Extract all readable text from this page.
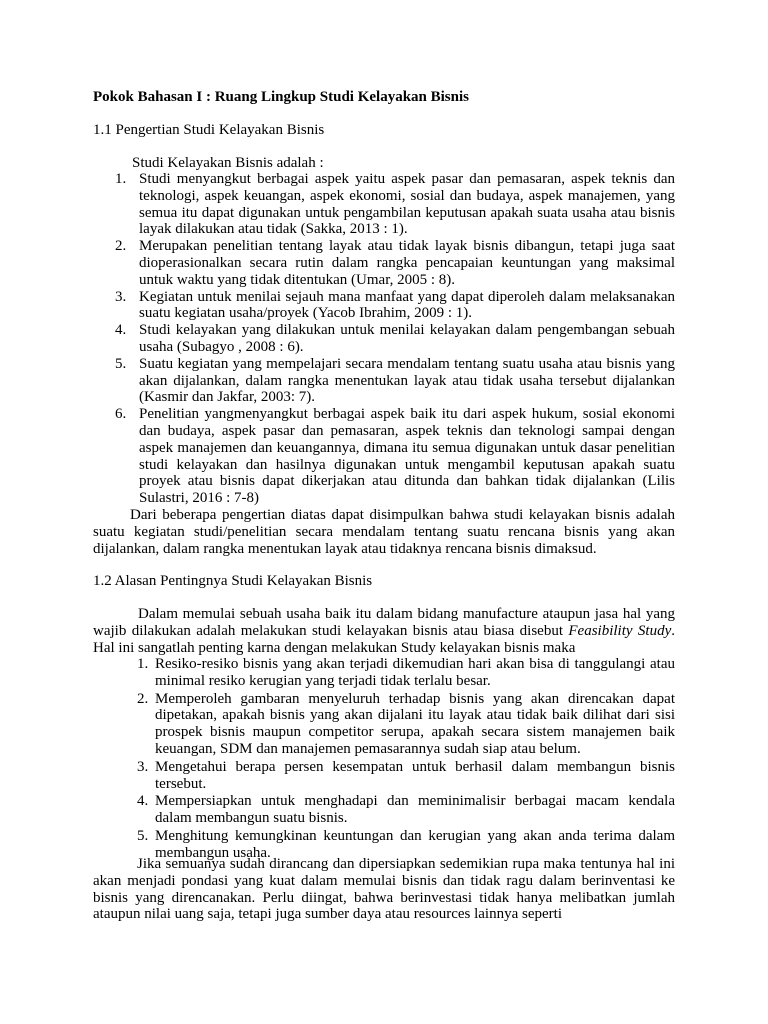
Pokok Bahasan I : Ruang Lingkup Studi Kelayakan Bisnis
1.1 Pengertian Studi Kelayakan Bisnis
Studi Kelayakan Bisnis adalah :
1. Studi menyangkut berbagai aspek yaitu aspek pasar dan pemasaran, aspek teknis dan teknologi, aspek keuangan, aspek ekonomi, sosial dan budaya, aspek manajemen, yang semua itu dapat digunakan untuk pengambilan keputusan apakah suata usaha atau bisnis layak dilakukan atau tidak (Sakka, 2013 : 1).
2. Merupakan penelitian tentang layak atau tidak layak bisnis dibangun, tetapi juga saat dioperasionalkan secara rutin dalam rangka pencapaian keuntungan yang maksimal untuk waktu yang tidak ditentukan (Umar, 2005 : 8).
3. Kegiatan untuk menilai sejauh mana manfaat yang dapat diperoleh dalam melaksanakan suatu kegiatan usaha/proyek (Yacob Ibrahim, 2009 : 1).
4. Studi kelayakan yang dilakukan untuk menilai kelayakan dalam pengembangan sebuah usaha (Subagyo , 2008 : 6).
5. Suatu kegiatan yang mempelajari secara mendalam tentang suatu usaha atau bisnis yang akan dijalankan, dalam rangka menentukan layak atau tidak usaha tersebut dijalankan (Kasmir dan Jakfar, 2003: 7).
6. Penelitian yangmenyangkut berbagai aspek baik itu dari aspek hukum, sosial ekonomi dan budaya, aspek pasar dan pemasaran, aspek teknis dan teknologi sampai dengan aspek manajemen dan keuangannya, dimana itu semua digunakan untuk dasar penelitian studi kelayakan dan hasilnya digunakan untuk mengambil keputusan apakah suatu proyek atau bisnis dapat dikerjakan atau ditunda dan bahkan tidak dijalankan (Lilis Sulastri, 2016 : 7-8)
Dari beberapa pengertian diatas dapat disimpulkan bahwa studi kelayakan bisnis adalah suatu kegiatan studi/penelitian secara mendalam tentang suatu rencana bisnis yang akan dijalankan, dalam rangka menentukan layak atau tidaknya rencana bisnis dimaksud.
1.2 Alasan Pentingnya Studi Kelayakan Bisnis
Dalam memulai sebuah usaha baik itu dalam bidang manufacture ataupun jasa hal yang wajib dilakukan adalah melakukan studi kelayakan bisnis atau biasa disebut Feasibility Study. Hal ini sangatlah penting karna dengan melakukan Study kelayakan bisnis maka
1. Resiko-resiko bisnis yang akan terjadi dikemudian hari akan bisa di tanggulangi atau minimal resiko kerugian yang terjadi tidak terlalu besar.
2. Memperoleh gambaran menyeluruh terhadap bisnis yang akan direncakan dapat dipetakan, apakah bisnis yang akan dijalani itu layak atau tidak baik dilihat dari sisi prospek bisnis maupun competitor serupa, apakah secara sistem manajemen baik keuangan, SDM dan manajemen pemasarannya sudah siap atau belum.
3. Mengetahui berapa persen kesempatan untuk berhasil dalam membangun bisnis tersebut.
4. Mempersiapkan untuk menghadapi dan meminimalisir berbagai macam kendala dalam membangun suatu bisnis.
5. Menghitung kemungkinan keuntungan dan kerugian yang akan anda terima dalam membangun usaha.
Jika semuanya sudah dirancang dan dipersiapkan sedemikian rupa maka tentunya hal ini akan menjadi pondasi yang kuat dalam memulai bisnis dan tidak ragu dalam berinventasi ke bisnis yang direncanakan. Perlu diingat, bahwa berinvestasi tidak hanya melibatkan jumlah ataupun nilai uang saja, tetapi juga sumber daya atau resources lainnya seperti
